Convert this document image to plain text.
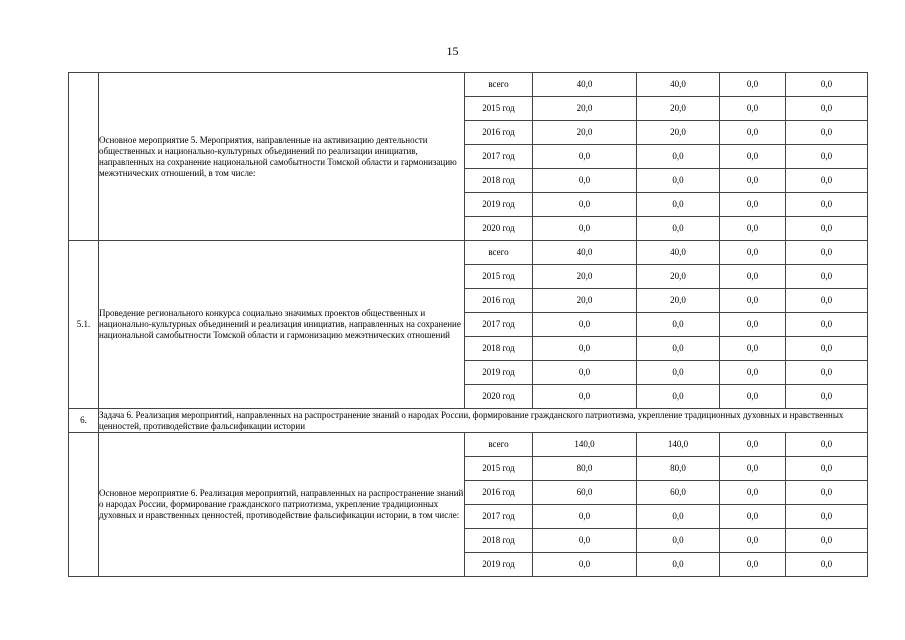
15
	Основное мероприятие 5. Мероприятия, направленные на активизацию деятельности общественных и национально-культурных объединений по реализации инициатив, направленных на сохранение национальной самобытности Томской области и гармонизацию межэтнических отношений, в том числе:	всего	40,0	40,0	0,0	0,0
		2015 год	20,0	20,0	0,0	0,0
		2016 год	20,0	20,0	0,0	0,0
		2017 год	0,0	0,0	0,0	0,0
		2018 год	0,0	0,0	0,0	0,0
		2019 год	0,0	0,0	0,0	0,0
		2020 год	0,0	0,0	0,0	0,0
5.1.	Проведение регионального конкурса социально значимых проектов общественных и национально-культурных объединений и реализация инициатив, направленных на сохранение национальной самобытности Томской области и гармонизацию межэтнических отношений	всего	40,0	40,0	0,0	0,0
		2015 год	20,0	20,0	0,0	0,0
		2016 год	20,0	20,0	0,0	0,0
		2017 год	0,0	0,0	0,0	0,0
		2018 год	0,0	0,0	0,0	0,0
		2019 год	0,0	0,0	0,0	0,0
		2020 год	0,0	0,0	0,0	0,0
6.	Задача 6. Реализация мероприятий, направленных на распространение знаний о народах России, формирование гражданского патриотизма, укрепление традиционных духовных и нравственных ценностей, противодействие фальсификации истории					
	Основное мероприятие 6. Реализация мероприятий, направленных на распространение знаний о народах России, формирование гражданского патриотизма, укрепление традиционных духовных и нравственных ценностей, противодействие фальсификации истории, в том числе:	всего	140,0	140,0	0,0	0,0
		2015 год	80,0	80,0	0,0	0,0
		2016 год	60,0	60,0	0,0	0,0
		2017 год	0,0	0,0	0,0	0,0
		2018 год	0,0	0,0	0,0	0,0
		2019 год	0,0	0,0	0,0	0,0
